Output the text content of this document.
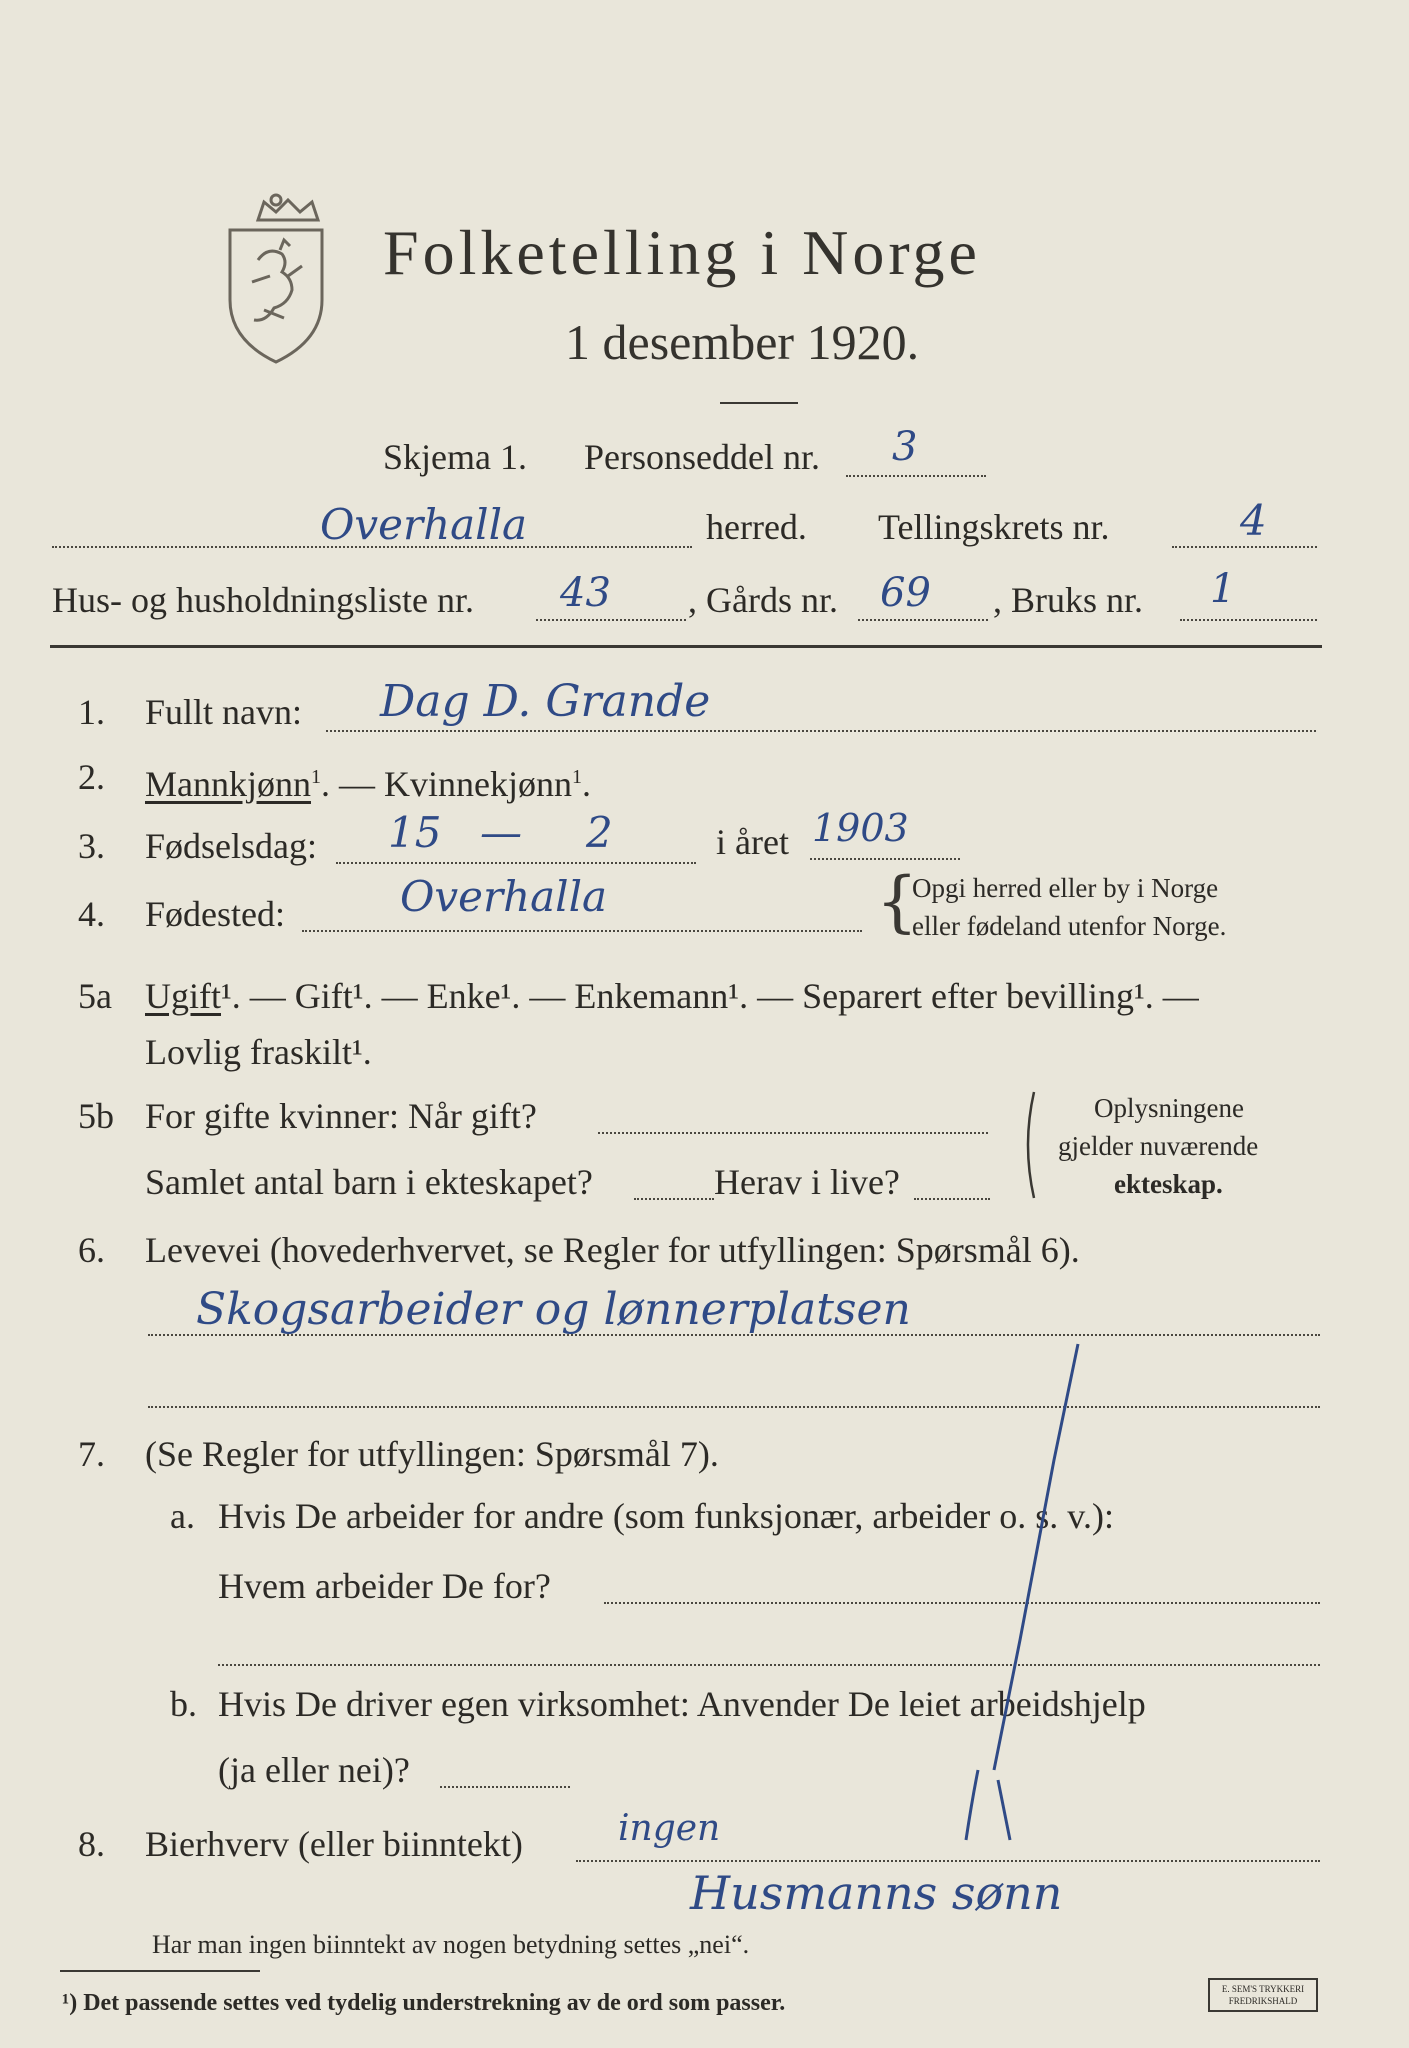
Folketelling i Norge
1 desember 1920.
Skjema 1. Personseddel nr. 3
Overhalla	herred. Tellingskrets nr.	4
Hus- og husholdningsliste nr. 43 , Gårds nr. 69 , Bruks nr. 1
1. Fullt navn: Dag D. Grande
2. Mannkjønn$^1$. — Kvinnekjønn$^1$.
3. Fødselsdag: 15 — 2	i året 1903
4. Fødested:	Overhalla	{
Opgi herred eller by i Norge
eller fødeland utenfor Norge.
5a Ugift¹. — Gift¹. — Enke¹. — Enkemann¹. — Separert efter bevilling¹. —
Lovlig fraskilt¹.
5b For gifte kvinner: Når gift?
Samlet antal barn i ekteskapet?	Herav i live?
Oplysningene
gjelder nuværende
ekteskap.
6. Levevei (hovederhvervet, se Regler for utfyllingen: Spørsmål 6).
Skogsarbeider og lønnerplatsen
7. (Se Regler for utfyllingen: Spørsmål 7).
a. Hvis De arbeider for andre (som funksjonær, arbeider o. s. v.):
Hvem arbeider De for?
b. Hvis De driver egen virksomhet: Anvender De leiet arbeidshjelp
(ja eller nei)?
8. Bierhverv (eller biinntekt)	ingen
Husmanns sønn
Har man ingen biinntekt av nogen betydning settes „nei“.
¹) Det passende settes ved tydelig understrekning av de ord som passer.
E. SEM'S TRYKKERI
FREDRIKSHALD
